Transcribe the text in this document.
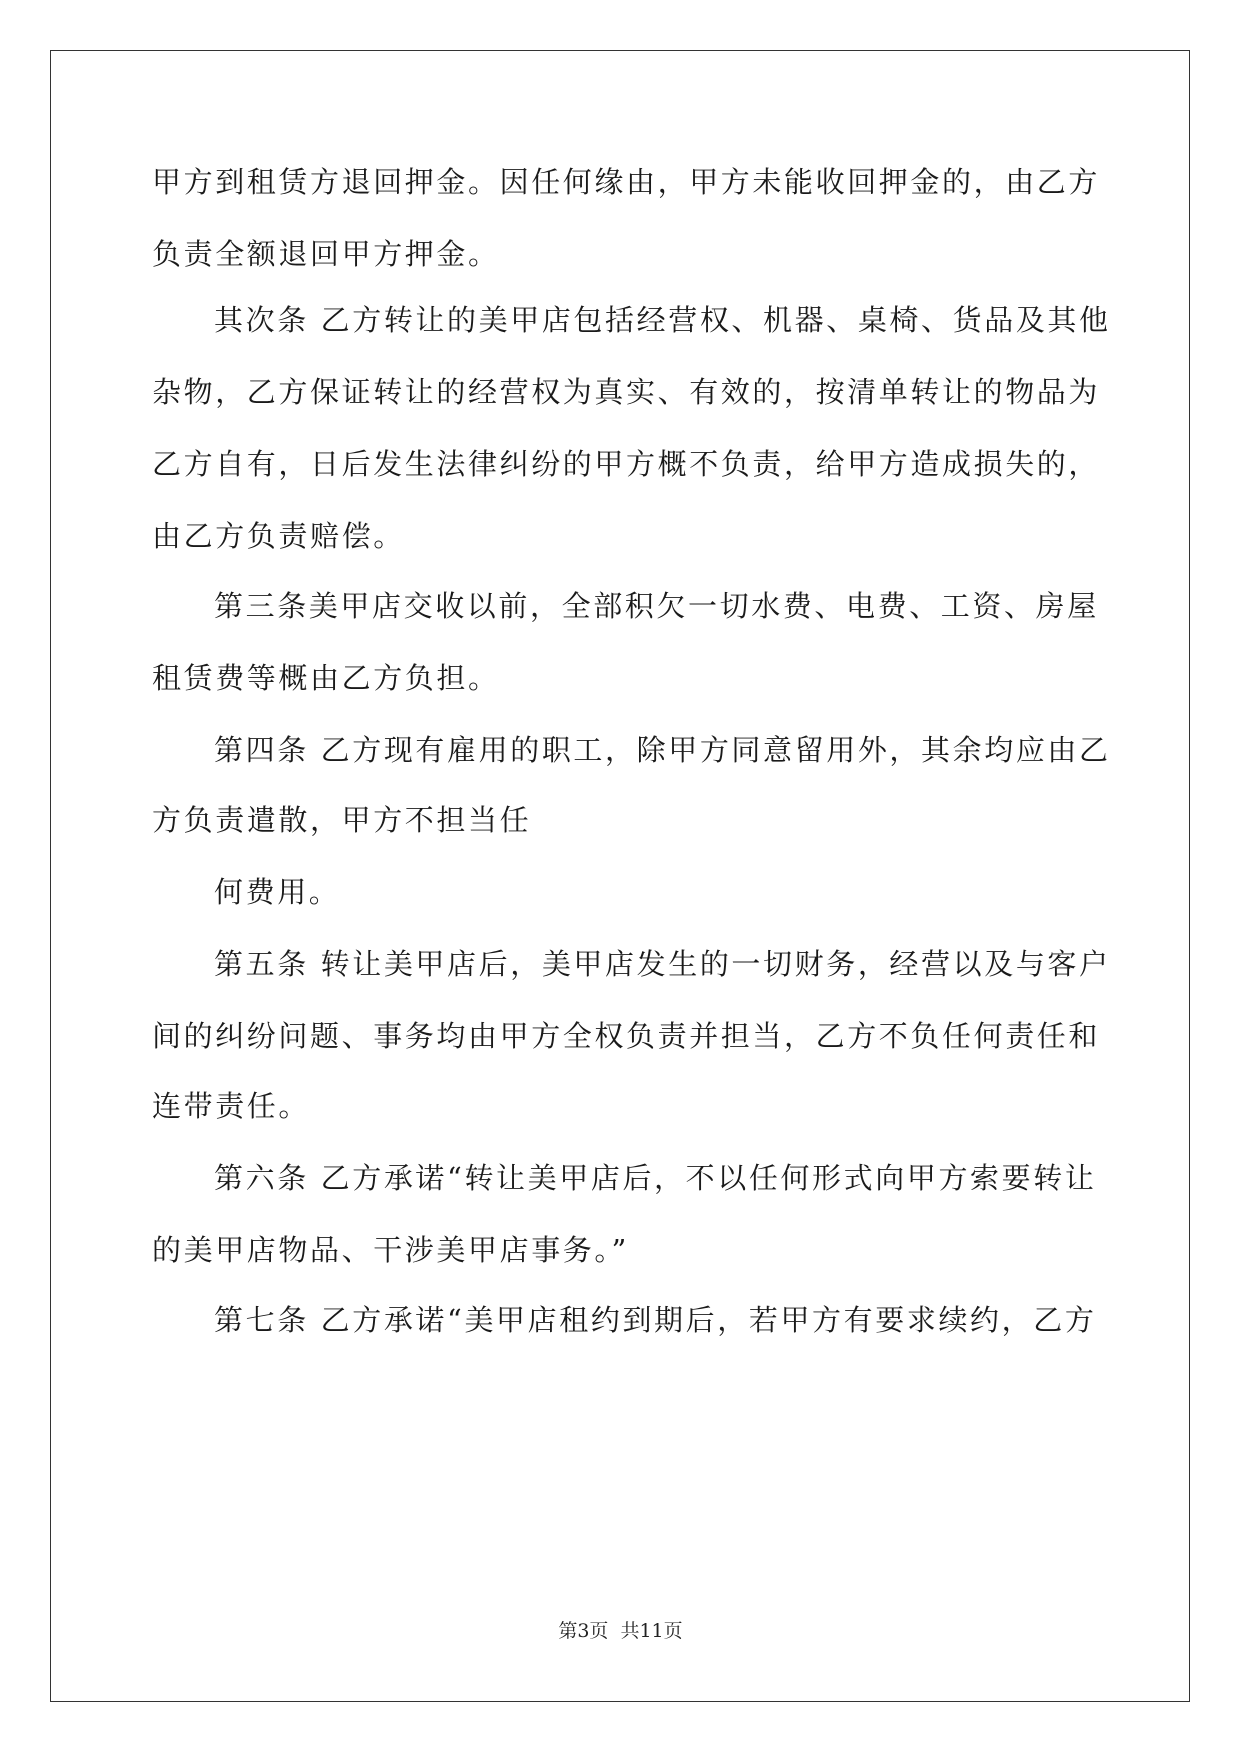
甲方到租赁方退回押金。因任何缘由，甲方未能收回押金的，由乙方
负责全额退回甲方押金。
其次条 乙方转让的美甲店包括经营权、机器、桌椅、货品及其他
杂物，乙方保证转让的经营权为真实、有效的，按清单转让的物品为
乙方自有，日后发生法律纠纷的甲方概不负责，给甲方造成损失的，
由乙方负责赔偿。
第三条美甲店交收以前，全部积欠一切水费、电费、工资、房屋
租赁费等概由乙方负担。
第四条 乙方现有雇用的职工，除甲方同意留用外，其余均应由乙
方负责遣散，甲方不担当任
何费用。
第五条 转让美甲店后，美甲店发生的一切财务，经营以及与客户
间的纠纷问题、事务均由甲方全权负责并担当，乙方不负任何责任和
连带责任。
第六条 乙方承诺“转让美甲店后，不以任何形式向甲方索要转让
的美甲店物品、干涉美甲店事务。”
第七条 乙方承诺“美甲店租约到期后，若甲方有要求续约，乙方
第3页 共11页
